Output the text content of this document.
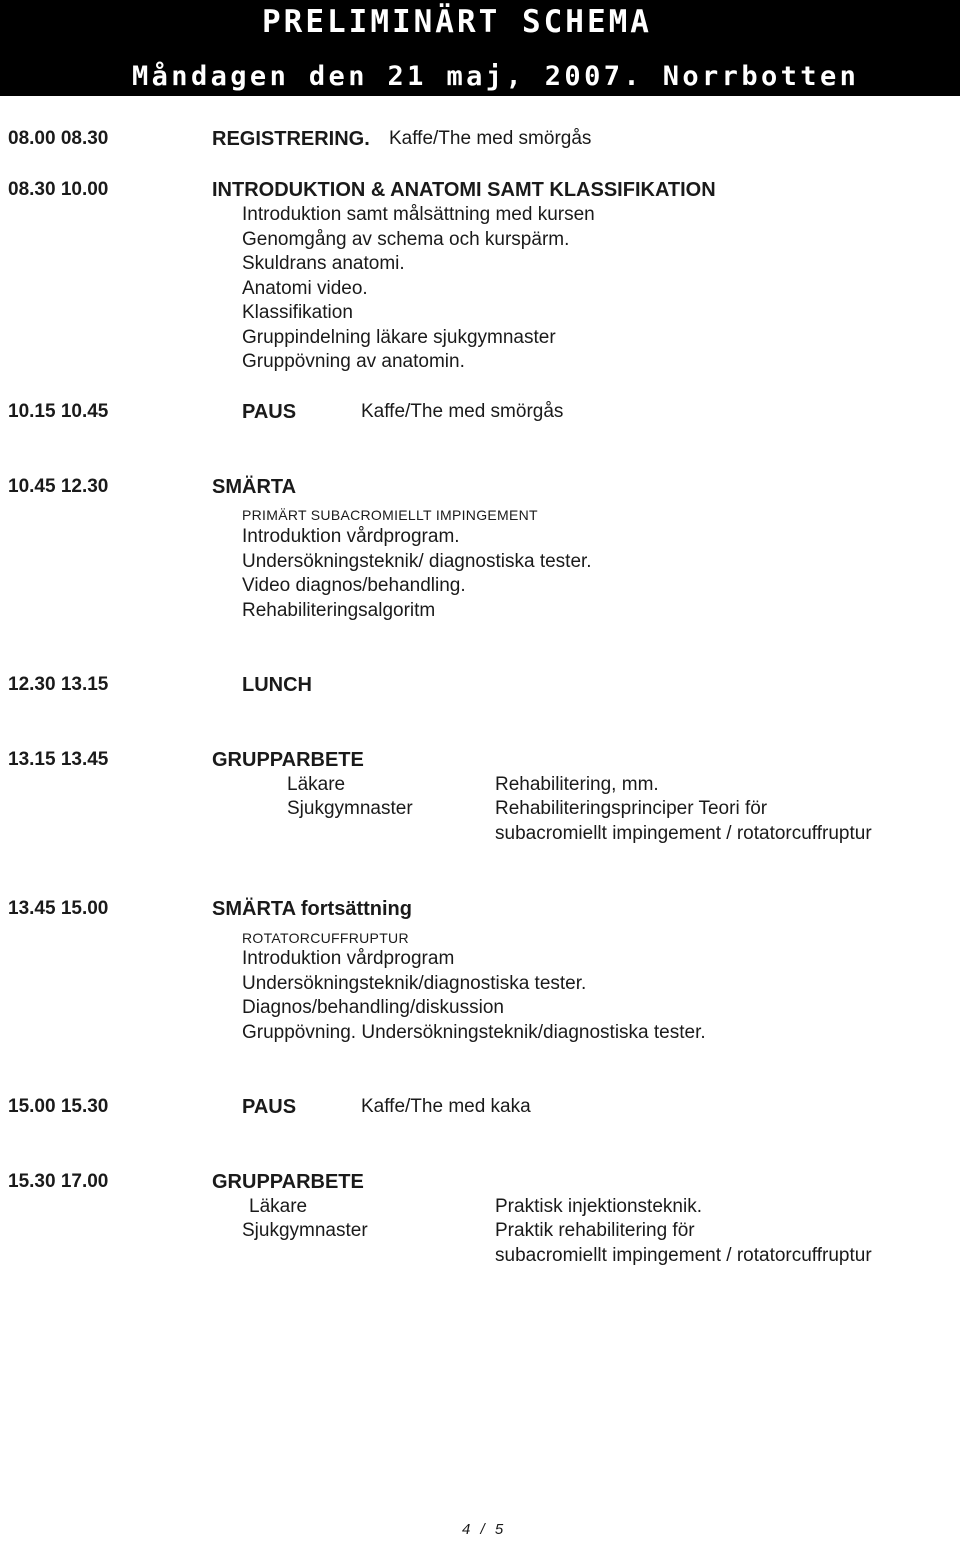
PRELIMINÄRT SCHEMA
Måndagen den 21 maj, 2007. Norrbotten
08.00 08.30	REGISTRERING. Kaffe/The med smörgås
08.30 10.00	INTRODUKTION & ANATOMI SAMT KLASSIFIKATION
Introduktion samt målsättning med kursen
Genomgång av schema och kurspärm.
Skuldrans anatomi.
Anatomi video.
Klassifikation
Gruppindelning läkare sjukgymnaster
Gruppövning av anatomin.
10.15 10.45	PAUS	Kaffe/The med smörgås
10.45 12.30	SMÄRTA
PRIMÄRT SUBACROMIELLT IMPINGEMENT
Introduktion vårdprogram.
Undersökningsteknik/ diagnostiska tester.
Video diagnos/behandling.
Rehabiliteringsalgoritm
12.30 13.15	LUNCH
13.15 13.45	GRUPPARBETE
Läkare	Rehabilitering, mm.
Sjukgymnaster	Rehabiliteringsprinciper Teori för
subacromiellt impingement / rotatorcuffruptur
13.45 15.00	SMÄRTA fortsättning
ROTATORCUFFRUPTUR
Introduktion vårdprogram
Undersökningsteknik/diagnostiska tester.
Diagnos/behandling/diskussion
Gruppövning. Undersökningsteknik/diagnostiska tester.
15.00 15.30	PAUS	Kaffe/The med kaka
15.30 17.00	GRUPPARBETE
Läkare	Praktisk injektionsteknik.
Sjukgymnaster	Praktik rehabilitering för
subacromiellt impingement / rotatorcuffruptur
4 / 5
